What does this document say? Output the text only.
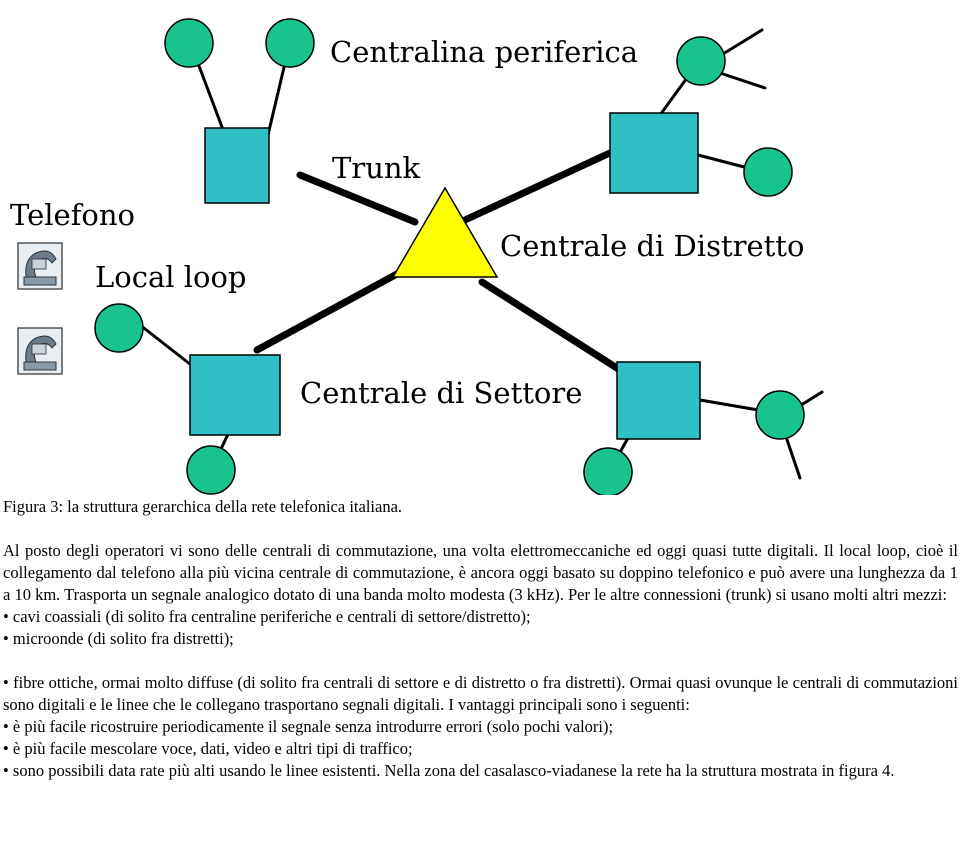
Centralina periferica
Trunk
Telefono
Local loop
Centrale di Distretto
Centrale di Settore
Figura 3: la struttura gerarchica della rete telefonica italiana.

Al posto degli operatori vi sono delle centrali di commutazione, una volta elettromeccaniche ed oggi quasi tutte digitali. Il local loop, cioè il collegamento dal telefono alla più vicina centrale di commutazione, è ancora oggi basato su doppino telefonico e può avere una lunghezza da 1 a 10 km. Trasporta un segnale analogico dotato di una banda molto modesta (3 kHz). Per le altre connessioni (trunk) si usano molti altri mezzi:

• cavi coassiali (di solito fra centraline periferiche e centrali di settore/distretto);

• microonde (di solito fra distretti);

• fibre ottiche, ormai molto diffuse (di solito fra centrali di settore e di distretto o fra distretti). Ormai quasi ovunque le centrali di commutazioni sono digitali e le linee che le collegano trasportano segnali digitali. I vantaggi principali sono i seguenti:

• è più facile ricostruire periodicamente il segnale senza introdurre errori (solo pochi valori);

• è più facile mescolare voce, dati, video e altri tipi di traffico;

• sono possibili data rate più alti usando le linee esistenti. Nella zona del casalasco-viadanese la rete ha la struttura mostrata in figura 4.
